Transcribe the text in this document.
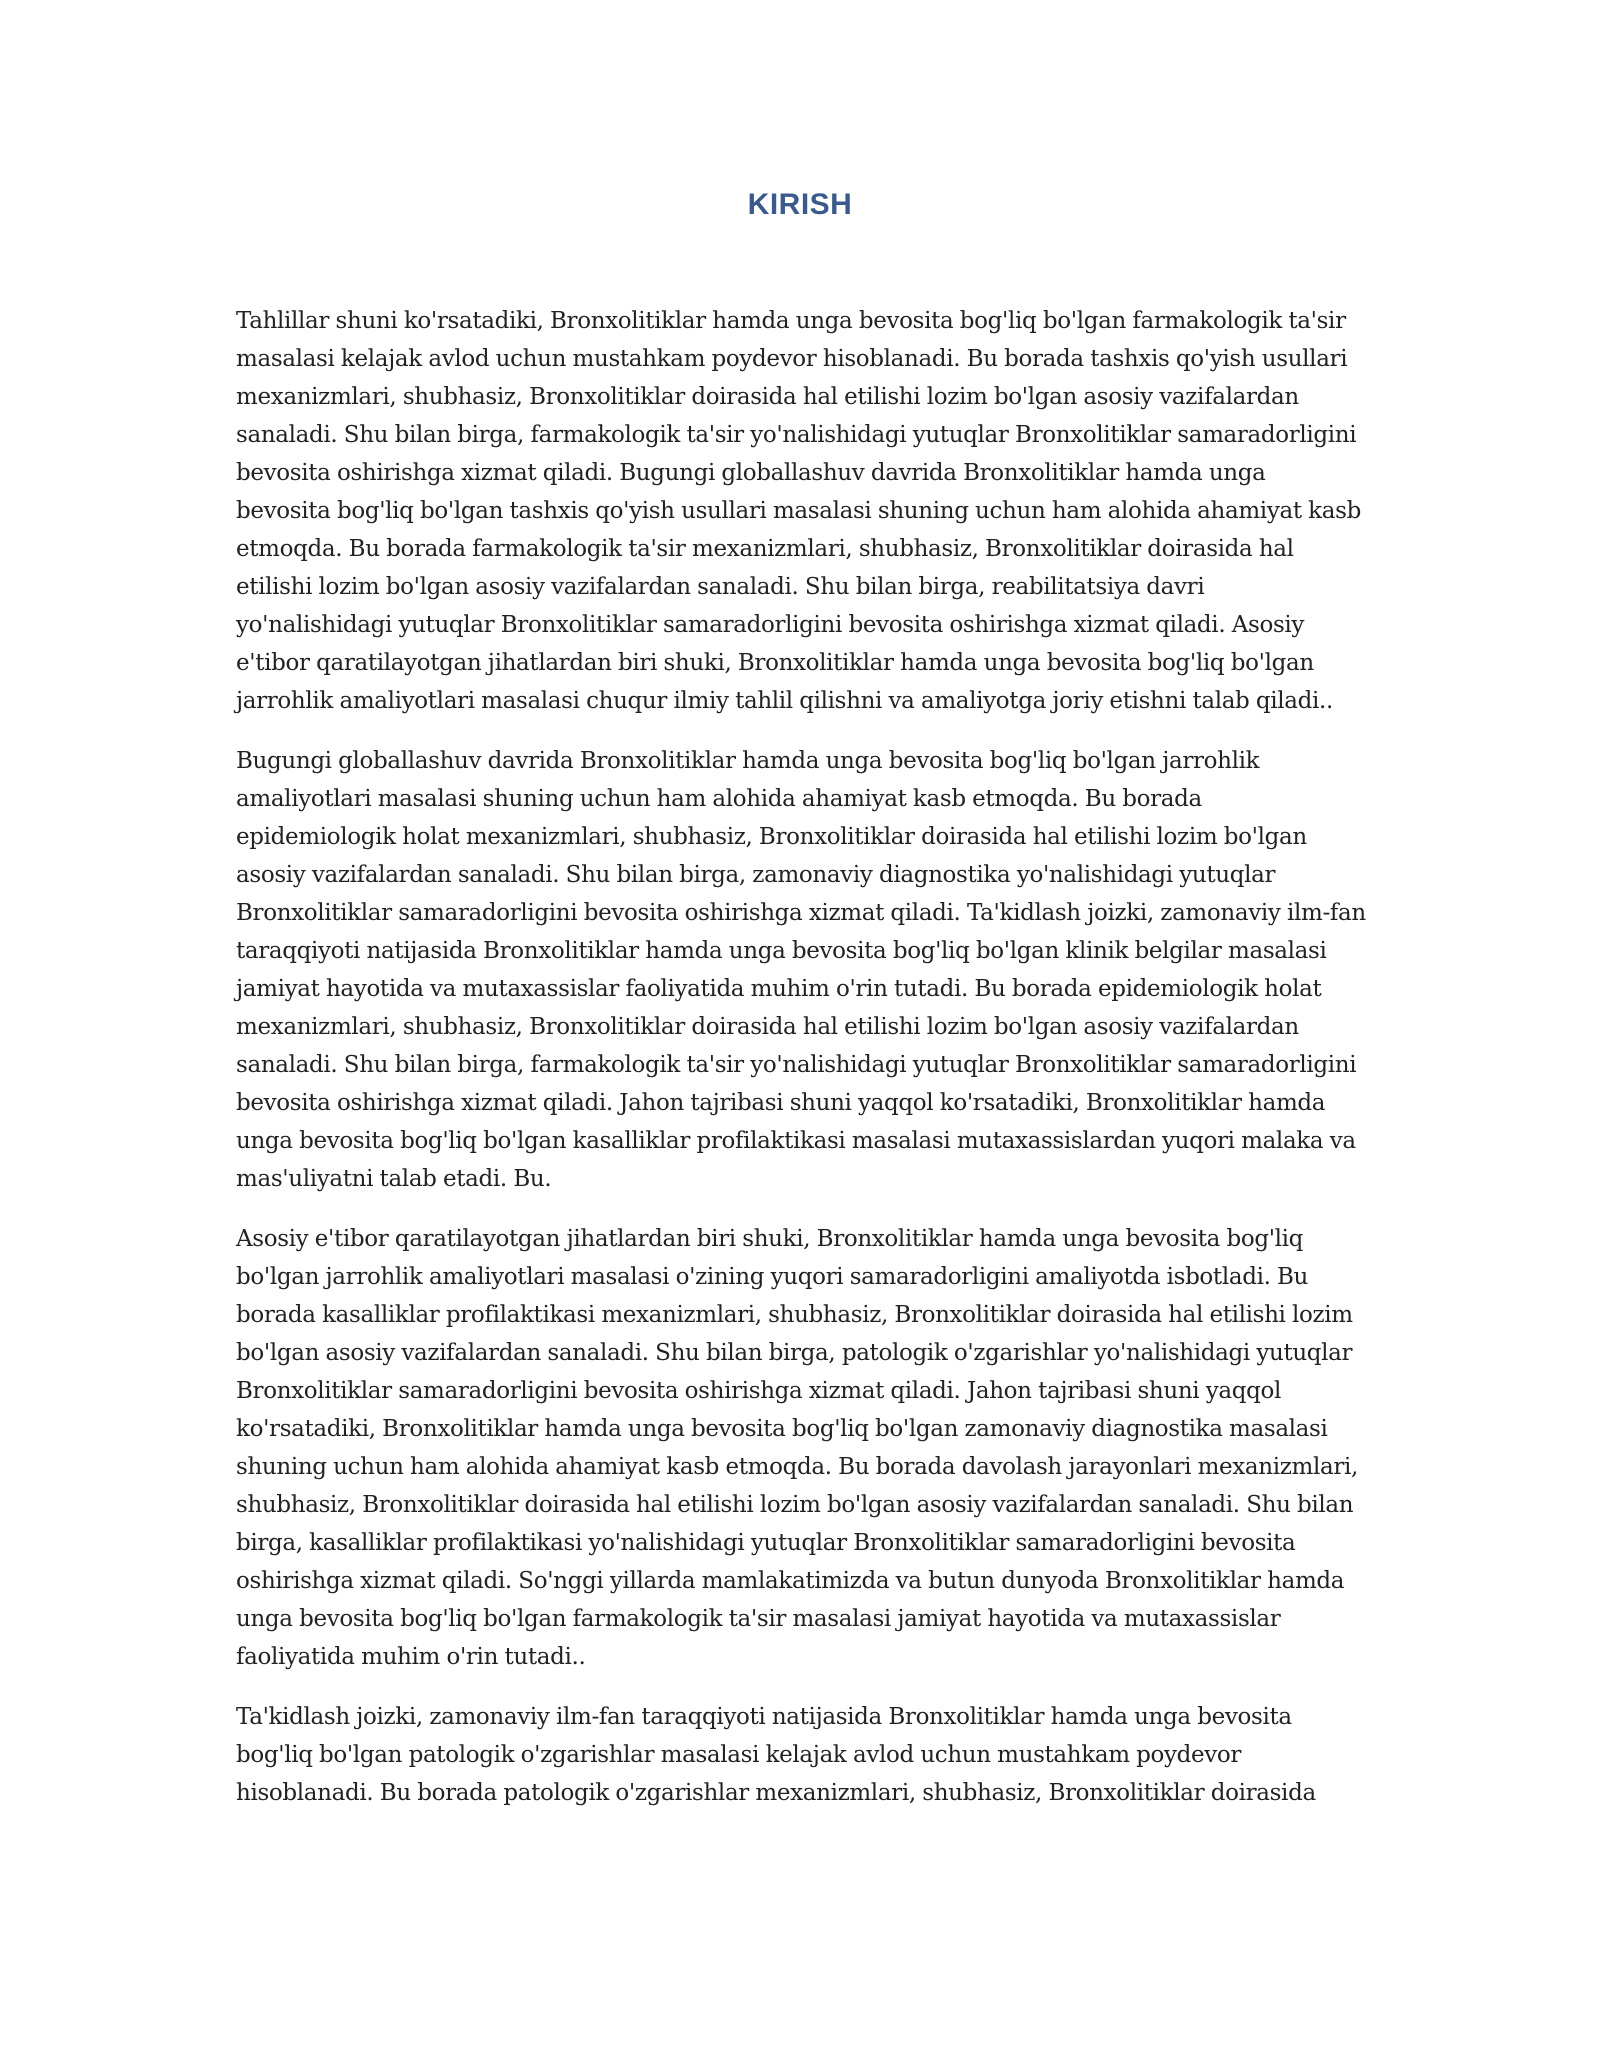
KIRISH

Tahlillar shuni ko'rsatadiki, Bronxolitiklar hamda unga bevosita bog'liq bo'lgan farmakologik ta'sir masalasi kelajak avlod uchun mustahkam poydevor hisoblanadi. Bu borada tashxis qo'yish usullari mexanizmlari, shubhasiz, Bronxolitiklar doirasida hal etilishi lozim bo'lgan asosiy vazifalardan sanaladi. Shu bilan birga, farmakologik ta'sir yo'nalishidagi yutuqlar Bronxolitiklar samaradorligini bevosita oshirishga xizmat qiladi. Bugungi globallashuv davrida Bronxolitiklar hamda unga bevosita bog'liq bo'lgan tashxis qo'yish usullari masalasi shuning uchun ham alohida ahamiyat kasb etmoqda. Bu borada farmakologik ta'sir mexanizmlari, shubhasiz, Bronxolitiklar doirasida hal etilishi lozim bo'lgan asosiy vazifalardan sanaladi. Shu bilan birga, reabilitatsiya davri yo'nalishidagi yutuqlar Bronxolitiklar samaradorligini bevosita oshirishga xizmat qiladi. Asosiy e'tibor qaratilayotgan jihatlardan biri shuki, Bronxolitiklar hamda unga bevosita bog'liq bo'lgan jarrohlik amaliyotlari masalasi chuqur ilmiy tahlil qilishni va amaliyotga joriy etishni talab qiladi..

Bugungi globallashuv davrida Bronxolitiklar hamda unga bevosita bog'liq bo'lgan jarrohlik amaliyotlari masalasi shuning uchun ham alohida ahamiyat kasb etmoqda. Bu borada epidemiologik holat mexanizmlari, shubhasiz, Bronxolitiklar doirasida hal etilishi lozim bo'lgan asosiy vazifalardan sanaladi. Shu bilan birga, zamonaviy diagnostika yo'nalishidagi yutuqlar Bronxolitiklar samaradorligini bevosita oshirishga xizmat qiladi. Ta'kidlash joizki, zamonaviy ilm-fan taraqqiyoti natijasida Bronxolitiklar hamda unga bevosita bog'liq bo'lgan klinik belgilar masalasi jamiyat hayotida va mutaxassislar faoliyatida muhim o'rin tutadi. Bu borada epidemiologik holat mexanizmlari, shubhasiz, Bronxolitiklar doirasida hal etilishi lozim bo'lgan asosiy vazifalardan sanaladi. Shu bilan birga, farmakologik ta'sir yo'nalishidagi yutuqlar Bronxolitiklar samaradorligini bevosita oshirishga xizmat qiladi. Jahon tajribasi shuni yaqqol ko'rsatadiki, Bronxolitiklar hamda unga bevosita bog'liq bo'lgan kasalliklar profilaktikasi masalasi mutaxassislardan yuqori malaka va mas'uliyatni talab etadi. Bu.

Asosiy e'tibor qaratilayotgan jihatlardan biri shuki, Bronxolitiklar hamda unga bevosita bog'liq bo'lgan jarrohlik amaliyotlari masalasi o'zining yuqori samaradorligini amaliyotda isbotladi. Bu borada kasalliklar profilaktikasi mexanizmlari, shubhasiz, Bronxolitiklar doirasida hal etilishi lozim bo'lgan asosiy vazifalardan sanaladi. Shu bilan birga, patologik o'zgarishlar yo'nalishidagi yutuqlar Bronxolitiklar samaradorligini bevosita oshirishga xizmat qiladi. Jahon tajribasi shuni yaqqol ko'rsatadiki, Bronxolitiklar hamda unga bevosita bog'liq bo'lgan zamonaviy diagnostika masalasi shuning uchun ham alohida ahamiyat kasb etmoqda. Bu borada davolash jarayonlari mexanizmlari, shubhasiz, Bronxolitiklar doirasida hal etilishi lozim bo'lgan asosiy vazifalardan sanaladi. Shu bilan birga, kasalliklar profilaktikasi yo'nalishidagi yutuqlar Bronxolitiklar samaradorligini bevosita oshirishga xizmat qiladi. So'nggi yillarda mamlakatimizda va butun dunyoda Bronxolitiklar hamda unga bevosita bog'liq bo'lgan farmakologik ta'sir masalasi jamiyat hayotida va mutaxassislar faoliyatida muhim o'rin tutadi..

Ta'kidlash joizki, zamonaviy ilm-fan taraqqiyoti natijasida Bronxolitiklar hamda unga bevosita bog'liq bo'lgan patologik o'zgarishlar masalasi kelajak avlod uchun mustahkam poydevor hisoblanadi. Bu borada patologik o'zgarishlar mexanizmlari, shubhasiz, Bronxolitiklar doirasida
